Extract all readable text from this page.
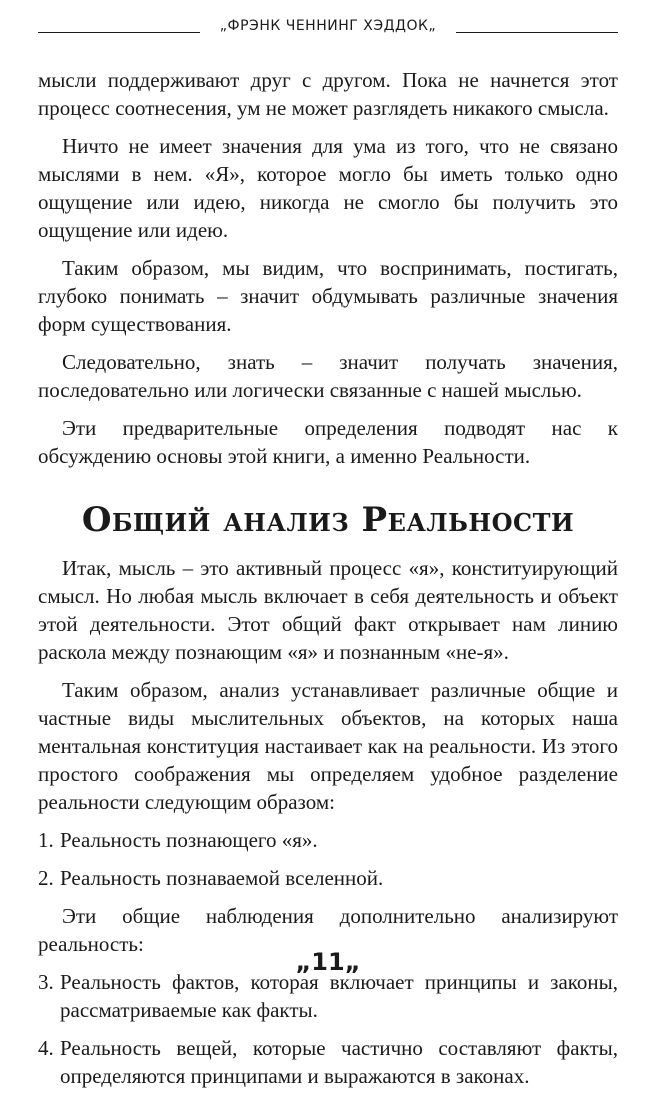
„ФРЭНК ЧЕННИНГ ХЭДДОК„

мысли поддерживают друг с другом. Пока не начнется этот процесс соотнесения, ум не может разглядеть никакого смысла.

Ничто не имеет значения для ума из того, что не связано мыслями в нем. «Я», которое могло бы иметь только одно ощущение или идею, никогда не смогло бы получить это ощущение или идею.

Таким образом, мы видим, что воспринимать, постигать, глубоко понимать – значит обдумывать различные значения форм существования.

Следовательно, знать – значит получать значения, последовательно или логически связанные с нашей мыслью.

Эти предварительные определения подводят нас к обсуждению основы этой книги, а именно Реальности.

Общий анализ Реальности

Итак, мысль – это активный процесс «я», конституирующий смысл. Но любая мысль включает в себя деятельность и объект этой деятельности. Этот общий факт открывает нам линию раскола между познающим «я» и познанным «не-я».

Таким образом, анализ устанавливает различные общие и частные виды мыслительных объектов, на которых наша ментальная конституция настаивает как на реальности. Из этого простого соображения мы определяем удобное разделение реальности следующим образом:

1. Реальность познающего «я».
2. Реальность познаваемой вселенной.

Эти общие наблюдения дополнительно анализируют реальность:

3. Реальность фактов, которая включает принципы и законы, рассматриваемые как факты.
4. Реальность вещей, которые частично составляют факты, определяются принципами и выражаются в законах.
„11„
